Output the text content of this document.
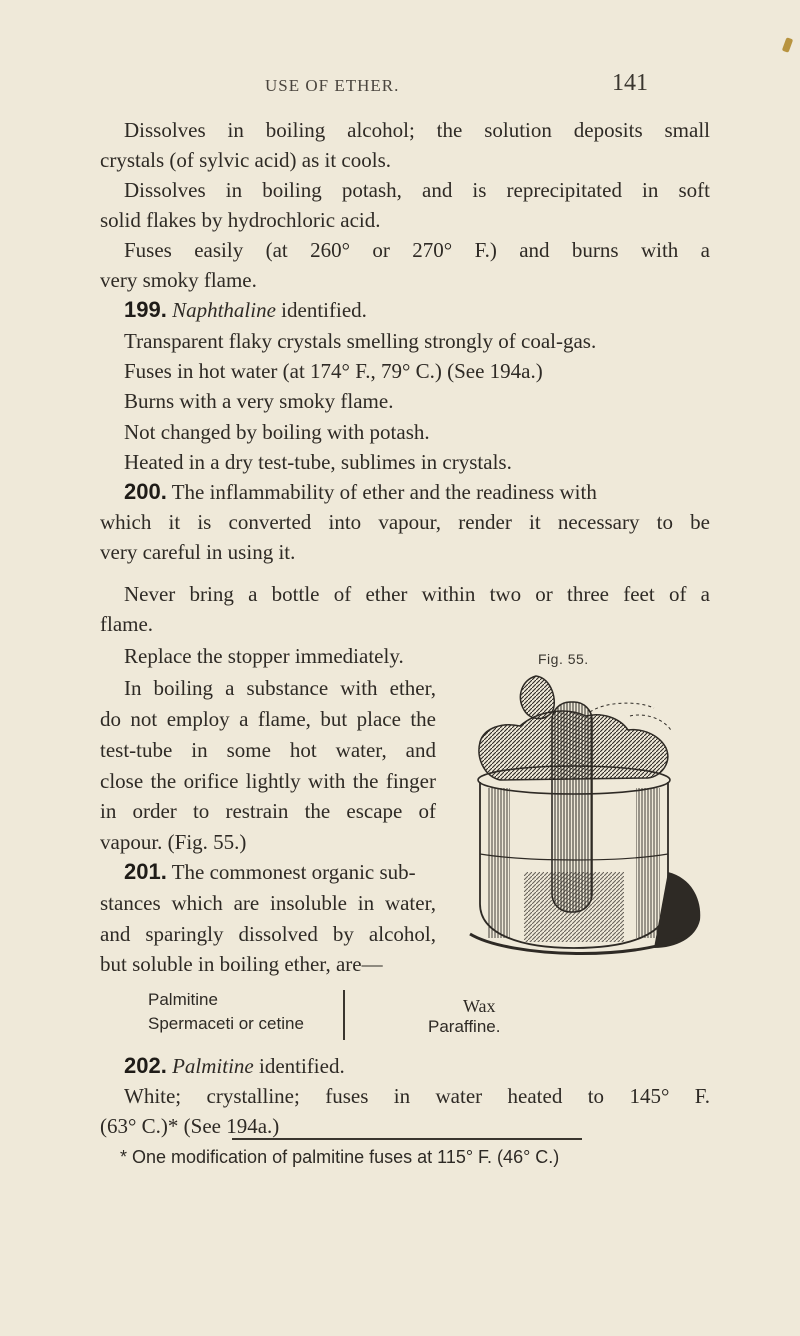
USE OF ETHER.	141
Dissolves in boiling alcohol; the solution deposits small
crystals (of sylvic acid) as it cools.
Dissolves in boiling potash, and is reprecipitated in soft
solid flakes by hydrochloric acid.
Fuses easily (at 260° or 270° F.) and burns with a
very smoky flame.
199. Naphthaline identified.
Transparent flaky crystals smelling strongly of coal-gas.
Fuses in hot water (at 174° F., 79° C.) (See 194a.)
Burns with a very smoky flame.
Not changed by boiling with potash.
Heated in a dry test-tube, sublimes in crystals.
200. The inflammability of ether and the readiness with
which it is converted into vapour, render it necessary to be
very careful in using it.
Never bring a bottle of ether within two or three feet of a
flame.
Replace the stopper immediately.
In boiling a substance with ether,
do not employ a flame, but place the
test-tube in some hot water, and
close the orifice lightly with the finger
in order to restrain the escape of
vapour. (Fig. 55.)
201. The commonest organic sub-
stances which are insoluble in water,
and sparingly dissolved by alcohol,
but soluble in boiling ether, are—
Fig. 55.
Palmitine
Spermaceti or cetine
Wax
Paraffine.
202. Palmitine identified.
White; crystalline; fuses in water heated to 145° F.
(63° C.)* (See 194a.)
* One modification of palmitine fuses at 115° F. (46° C.)
